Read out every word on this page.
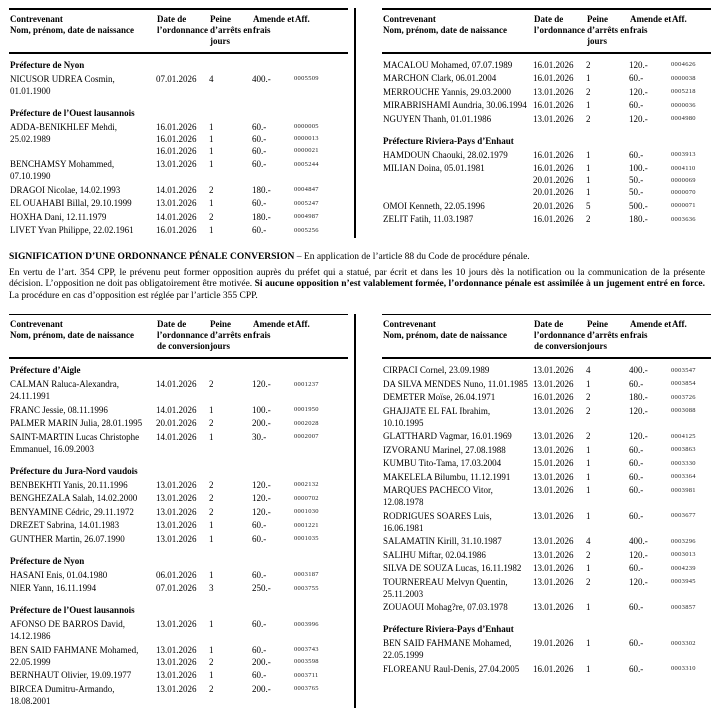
Contrevenant
Nom, prénom, date de naissance
Date de l’ordonnance
Peine d’arrêts en jours
Amende et frais
Aff.
Préfecture de Nyon
NICUSOR UDREA Cosmin, 01.01.1900
07.01.2026	4	400.-	0005509
Préfecture de l’Ouest lausannois
ADDA-BENIKHLEF Mehdi, 25.02.1989
16.01.2026	1	60.-	0000005
16.01.2026	1	60.-	0000013
16.01.2026	1	60.-	0000021
BENCHAMSY Mohammed, 07.10.1990
13.01.2026	1	60.-	0005244
DRAGOI Nicolae, 14.02.1993	14.01.2026	2	180.-	0004847
EL OUAHABI Billal, 29.10.1999	13.01.2026	1	60.-	0005247
HOXHA Dani, 12.11.1979	14.01.2026	2	180.-	0004987
LIVET Yvan Philippe, 22.02.1961	16.01.2026	1	60.-	0005256
Contrevenant
Nom, prénom, date de naissance
Date de l’ordonnance
Peine d’arrêts en jours
Amende et frais
Aff.
MACALOU Mohamed, 07.07.1989	16.01.2026	2	120.-	0004626
MARCHON Clark, 06.01.2004	16.01.2026	1	60.-	0000038
MERROUCHE Yannis, 29.03.2000	13.01.2026	2	120.-	0005218
MIRABRISHAMI Aundria, 30.06.1994 16.01.2026	1	60.-	0000036
NGUYEN Thanh, 01.01.1986	13.01.2026	2	120.-	0004980
Préfecture Riviera-Pays d’Enhaut
HAMDOUN Chaouki, 28.02.1979	16.01.2026	1	60.-	0003913
MILIAN Doina, 05.01.1981	16.01.2026	1	100.-	0004110
20.01.2026	1	50.-	0000069
20.01.2026	1	50.-	0000070
OMOI Kenneth, 22.05.1996	20.01.2026	5	500.-	0000071
ZELIT Fatih, 11.03.1987	16.01.2026	2	180.-	0003636
SIGNIFICATION D’UNE ORDONNANCE PÉNALE CONVERSION – En application de l’article 88 du Code de procédure pénale.
En vertu de l’art. 354 CPP, le prévenu peut former opposition auprès du préfet qui a statué, par écrit et dans les 10 jours dès la notification ou la communication de la présente décision. L’opposition ne doit pas obligatoirement être motivée. Si aucune opposition n’est valablement formée, l’ordonnance pénale est assimilée à un jugement entré en force. La procédure en cas d’opposition est réglée par l’article 355 CPP.
Contrevenant
Nom, prénom, date de naissance
Date de l’ordonnance de conversion
Peine d’arrêts en jours
Amende et frais
Aff.
Préfecture d’Aigle
CALMAN Raluca-Alexandra, 24.11.1991
14.01.2026	2	120.-	0001237
FRANC Jessie, 08.11.1996	14.01.2026	1	100.-	0001950
PALMER MARIN Julia, 28.01.1995	20.01.2026	2	200.-	0002028
SAINT-MARTIN Lucas Christophe Emmanuel, 16.09.2003
14.01.2026	1	30.-	0002007
Préfecture du Jura-Nord vaudois
BENBEKHTI Yanis, 20.11.1996	13.01.2026	2	120.-	0002132
BENGHEZALA Salah, 14.02.2000	13.01.2026	2	120.-	0000702
BENYAMINE Cédric, 29.11.1972	13.01.2026	2	120.-	0001030
DREZET Sabrina, 14.01.1983	13.01.2026	1	60.-	0001221
GUNTHER Martin, 26.07.1990	13.01.2026	1	60.-	0001035
Préfecture de Nyon
HASANI Enis, 01.04.1980	06.01.2026	1	60.-	0003187
NIER Yann, 16.11.1994	07.01.2026	3	250.-	0003755
Préfecture de l’Ouest lausannois
AFONSO DE BARROS David, 14.12.1986
13.01.2026	1	60.-	0003996
BEN SAID FAHMANE Mohamed, 22.05.1999
13.01.2026	1	60.-	0003743
13.01.2026	2	200.-	0003598
BERNHAUT Olivier, 19.09.1977	13.01.2026	1	60.-	0003711
BIRCEA Dumitru-Armando, 18.08.2001
13.01.2026	2	200.-	0003765
Contrevenant
Nom, prénom, date de naissance
Date de l’ordonnance de conversion
Peine d’arrêts en jours
Amende et frais
Aff.
CIRPACI Cornel, 23.09.1989	13.01.2026	4	400.-	0003547
DA SILVA MENDES Nuno, 11.01.1985 13.01.2026	1	60.-	0003854
DEMETER Moïse, 26.04.1971	16.01.2026	2	180.-	0003726
GHAJJATE EL FAL Ibrahim, 10.10.1995
13.01.2026	2	120.-	0003088
GLATTHARD Vagmar, 16.01.1969	13.01.2026	2	120.-	0004125
IZVORANU Marinel, 27.08.1988	13.01.2026	1	60.-	0003863
KUMBU Tito-Tama, 17.03.2004	15.01.2026	1	60.-	0003330
MAKELELA Bilumbu, 11.12.1991	13.01.2026	1	60.-	0003364
MARQUES PACHECO Vitor, 12.08.1978
13.01.2026	1	60.-	0003981
RODRIGUES SOARES Luis, 16.06.1981
13.01.2026	1	60.-	0003677
SALAMATIN Kirill, 31.10.1987	13.01.2026	4	400.-	0003296
SALIHU Miftar, 02.04.1986	13.01.2026	2	120.-	0003013
SILVA DE SOUZA Lucas, 16.11.1982	13.01.2026	1	60.-	0004239
TOURNEREAU Melvyn Quentin, 25.11.2003
13.01.2026	2	120.-	0003945
ZOUAOUI Mohag?re, 07.03.1978	13.01.2026	1	60.-	0003857
Préfecture Riviera-Pays d’Enhaut
BEN SAID FAHMANE Mohamed, 22.05.1999
19.01.2026	1	60.-	0003302
FLOREANU Raul-Denis, 27.04.2005	16.01.2026	1	60.-	0003310
